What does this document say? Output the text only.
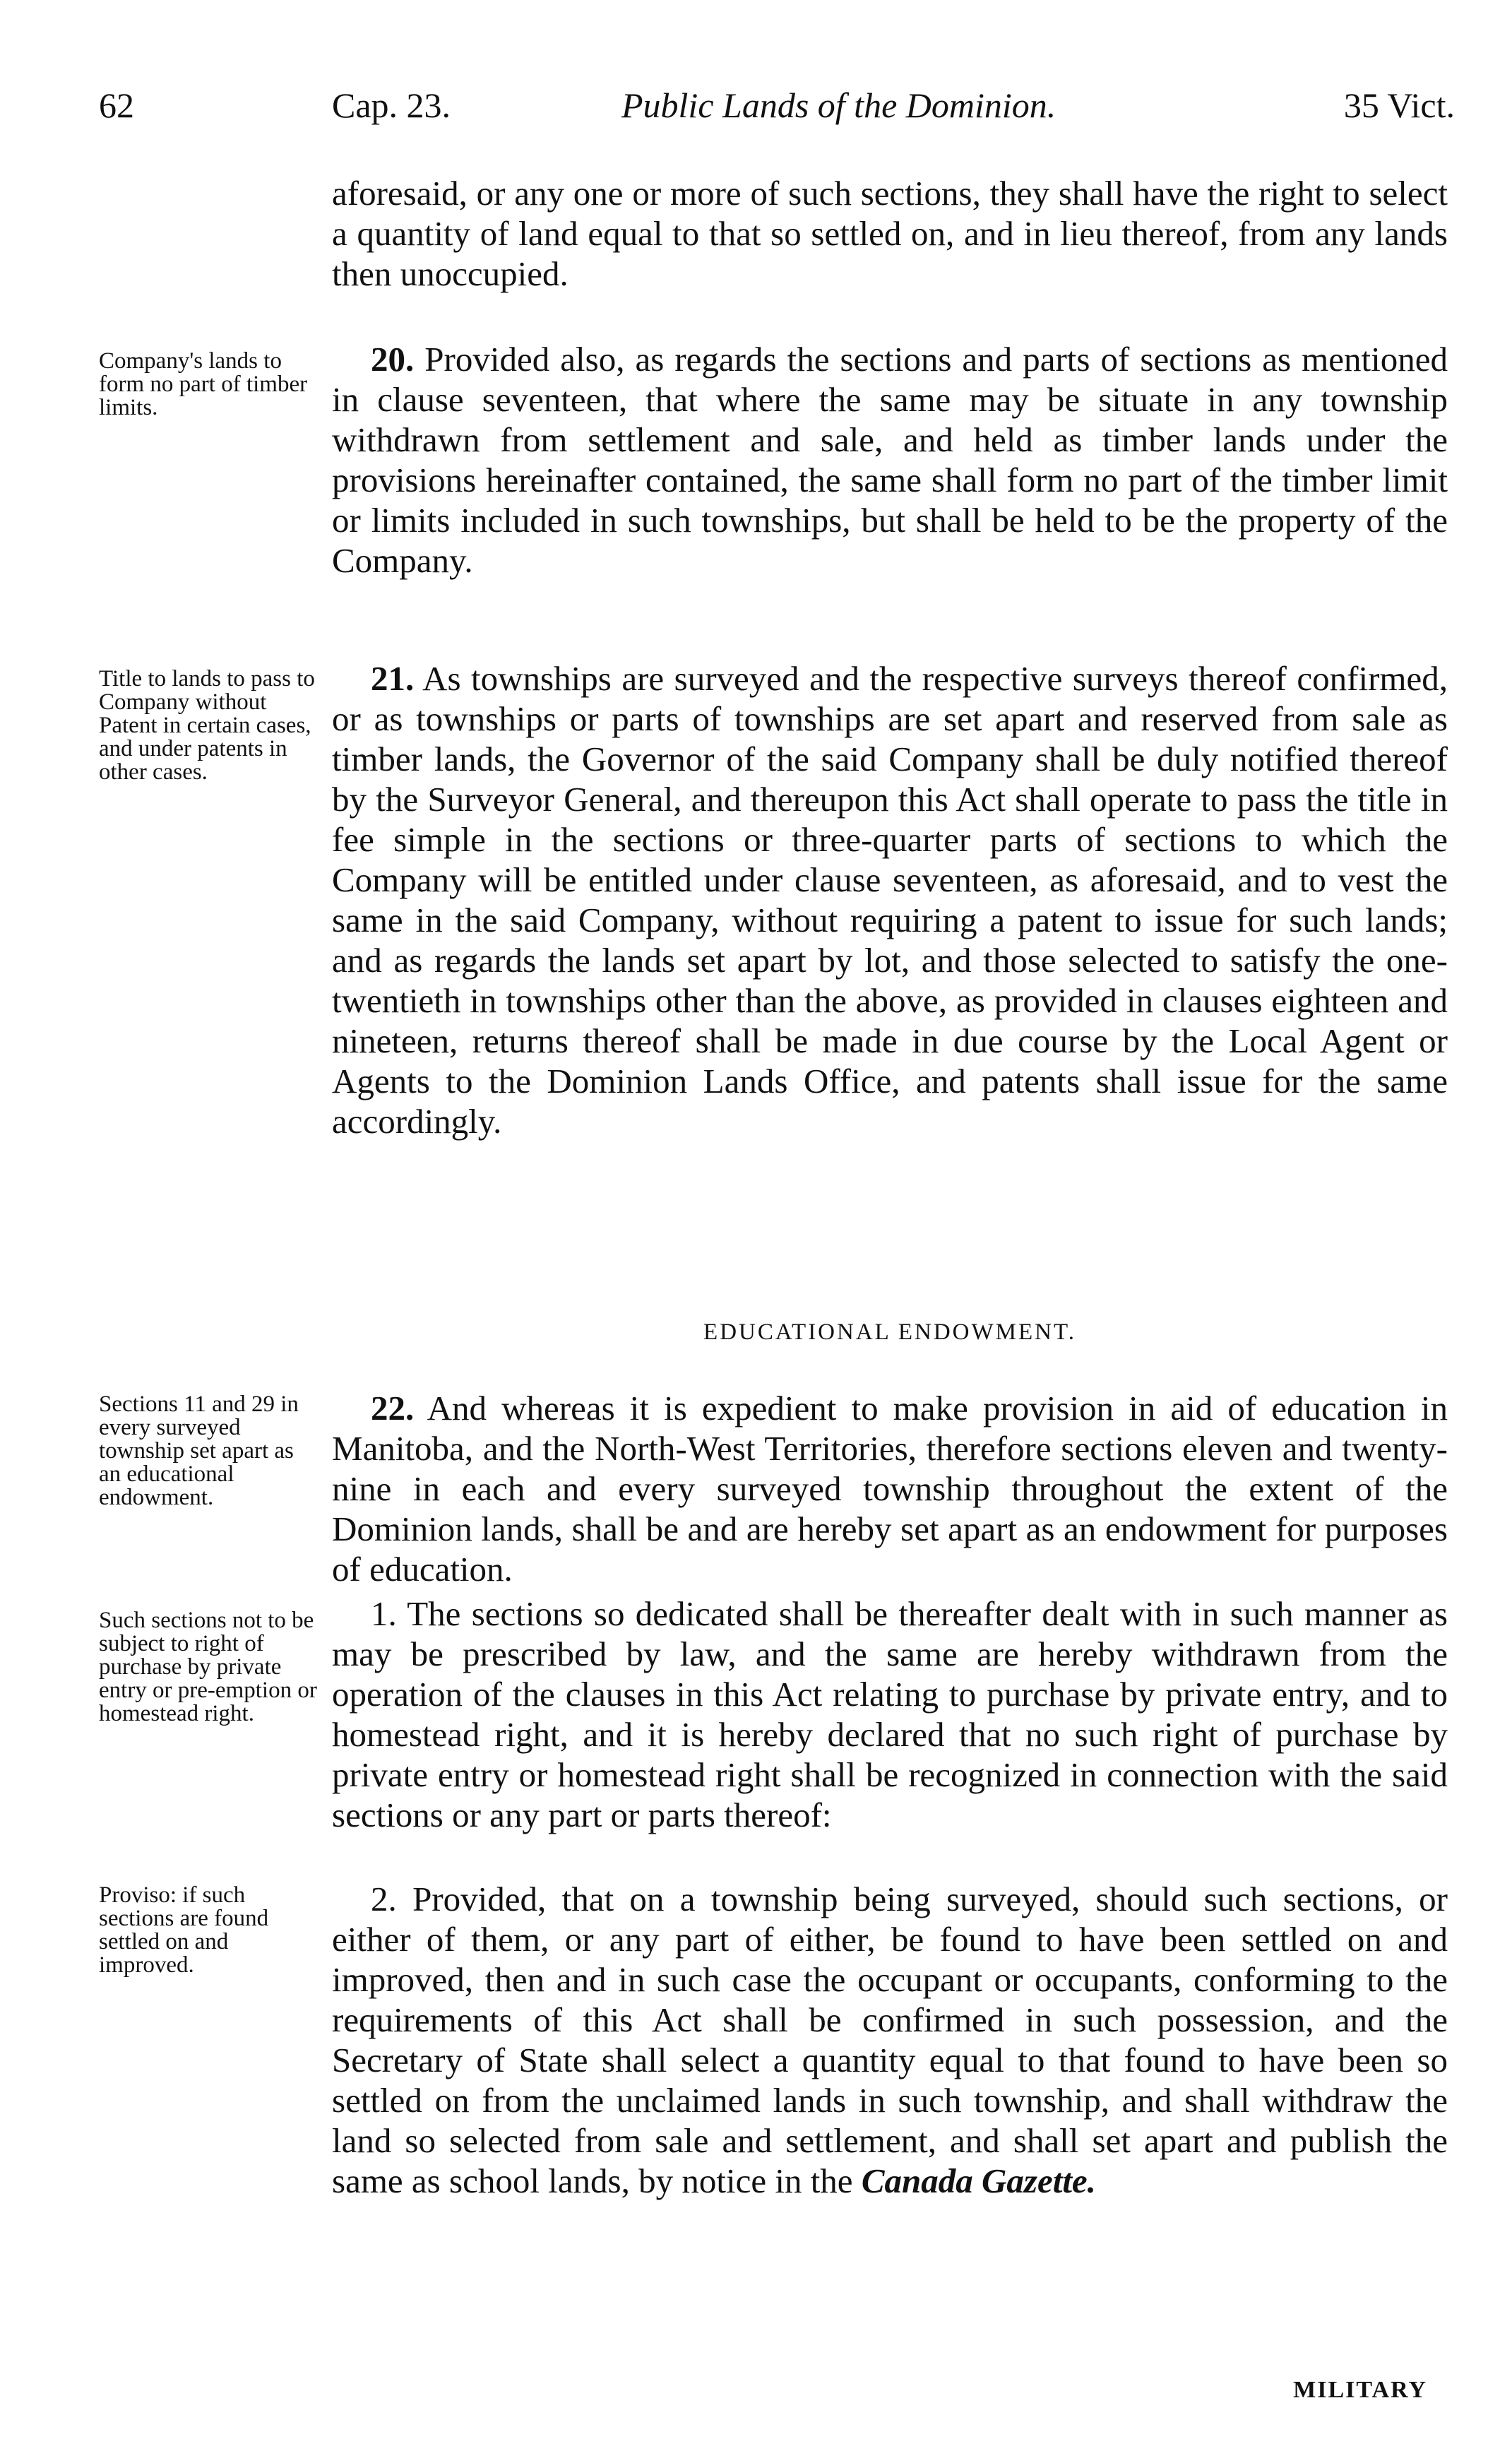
62	Cap. 23.	Public Lands of the Dominion.	35 Vict.

aforesaid, or any one or more of such sections, they shall have the right to select a quantity of land equal to that so settled on, and in lieu thereof, from any lands then unoccupied.

Company's lands to form no part of timber limits.

20. Provided also, as regards the sections and parts of sections as mentioned in clause seventeen, that where the same may be situate in any township withdrawn from settlement and sale, and held as timber lands under the provisions hereinafter contained, the same shall form no part of the timber limit or limits included in such townships, but shall be held to be the property of the Company.

Title to lands to pass to Company without Patent in certain cases, and under patents in other cases.

21. As townships are surveyed and the respective surveys thereof confirmed, or as townships or parts of townships are set apart and reserved from sale as timber lands, the Governor of the said Company shall be duly notified thereof by the Surveyor General, and thereupon this Act shall operate to pass the title in fee simple in the sections or three-quarter parts of sections to which the Company will be entitled under clause seventeen, as aforesaid, and to vest the same in the said Company, without requiring a patent to issue for such lands; and as regards the lands set apart by lot, and those selected to satisfy the one-twentieth in townships other than the above, as provided in clauses eighteen and nineteen, returns thereof shall be made in due course by the Local Agent or Agents to the Dominion Lands Office, and patents shall issue for the same accordingly.

EDUCATIONAL ENDOWMENT.
Sections 11 and 29 in every surveyed township set apart as an educational endowment.

22. And whereas it is expedient to make provision in aid of education in Manitoba, and the North-West Territories, therefore sections eleven and twenty-nine in each and every surveyed township throughout the extent of the Dominion lands, shall be and are hereby set apart as an endowment for purposes of education.

Such sections not to be subject to right of purchase by private entry or pre-emption or homestead right.

1. The sections so dedicated shall be thereafter dealt with in such manner as may be prescribed by law, and the same are hereby withdrawn from the operation of the clauses in this Act relating to purchase by private entry, and to homestead right, and it is hereby declared that no such right of purchase by private entry or homestead right shall be recognized in connection with the said sections or any part or parts thereof:

Proviso: if such sections are found settled on and improved.

2. Provided, that on a township being surveyed, should such sections, or either of them, or any part of either, be found to have been settled on and improved, then and in such case the occupant or occupants, conforming to the requirements of this Act shall be confirmed in such possession, and the Secretary of State shall select a quantity equal to that found to have been so settled on from the unclaimed lands in such township, and shall withdraw the land so selected from sale and settlement, and shall set apart and publish the same as school lands, by notice in the Canada Gazette.

MILITARY
